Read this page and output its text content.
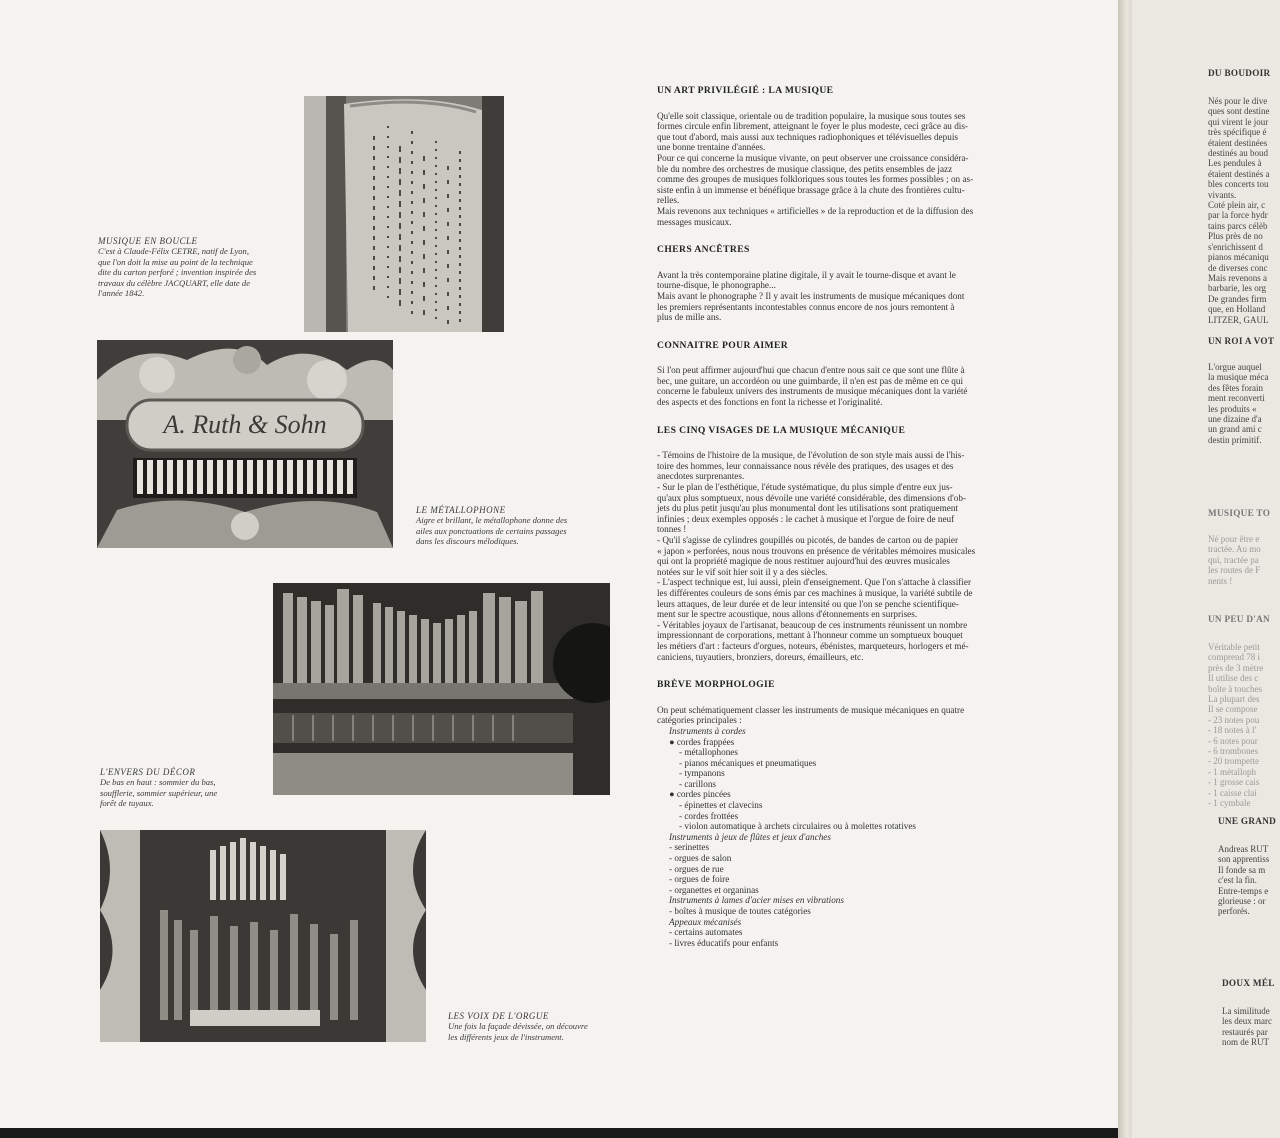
MUSIQUE EN BOUCLE
C'est à Claude-Félix CETRE, natif de Lyon,
que l'on doit la mise au point de la technique
dite du carton perforé ; invention inspirée des
travaux du célèbre JACQUART, elle date de
l'année 1842.
A. Ruth & Sohn
LE MÉTALLOPHONE
Aigre et brillant, le métallophone donne des
ailes aux ponctuations de certains passages
dans les discours mélodiques.
L'ENVERS DU DÉCOR
De bas en haut : sommier du bas,
soufflerie, sommier supérieur, une
forêt de tuyaux.
LES VOIX DE L'ORGUE
Une fois la façade dévissée, on découvre
les différents jeux de l'instrument.
UN ART PRIVILÉGIÉ : LA MUSIQUE

Qu'elle soit classique, orientale ou de tradition populaire, la musique sous toutes ses

formes circule enfin librement, atteignant le foyer le plus modeste, ceci grâce au dis-

que tout d'abord, mais aussi aux techniques radiophoniques et télévisuelles depuis

une bonne trentaine d'années.

Pour ce qui concerne la musique vivante, on peut observer une croissance considéra-

ble du nombre des orchestres de musique classique, des petits ensembles de jazz

comme des groupes de musiques folkloriques sous toutes les formes possibles ; on as-

siste enfin à un immense et bénéfique brassage grâce à la chute des frontières cultu-

relles.

Mais revenons aux techniques « artificielles » de la reproduction et de la diffusion des

messages musicaux.

CHERS ANCÊTRES

Avant la très contemporaine platine digitale, il y avait le tourne-disque et avant le

tourne-disque, le phonographe...

Mais avant le phonographe ? Il y avait les instruments de musique mécaniques dont

les premiers représentants incontestables connus encore de nos jours remontent à

plus de mille ans.

CONNAITRE POUR AIMER

Si l'on peut affirmer aujourd'hui que chacun d'entre nous sait ce que sont une flûte à

bec, une guitare, un accordéon ou une guimbarde, il n'en est pas de même en ce qui

concerne le fabuleux univers des instruments de musique mécaniques dont la variété

des aspects et des fonctions en font la richesse et l'originalité.

LES CINQ VISAGES DE LA MUSIQUE MÉCANIQUE

- Témoins de l'histoire de la musique, de l'évolution de son style mais aussi de l'his-

toire des hommes, leur connaissance nous révèle des pratiques, des usages et des

anecdotes surprenantes.

- Sur le plan de l'esthétique, l'étude systématique, du plus simple d'entre eux jus-

qu'aux plus somptueux, nous dévoile une variété considérable, des dimensions d'ob-

jets du plus petit jusqu'au plus monumental dont les utilisations sont pratiquement

infinies ; deux exemples opposés : le cachet à musique et l'orgue de foire de neuf

tonnes !

- Qu'il s'agisse de cylindres goupillés ou picotés, de bandes de carton ou de papier

« japon » perforées, nous nous trouvons en présence de véritables mémoires musicales

qui ont la propriété magique de nous restituer aujourd'hui des œuvres musicales

notées sur le vif soit hier soit il y a des siècles.

- L'aspect technique est, lui aussi, plein d'enseignement. Que l'on s'attache à classifier

les différentes couleurs de sons émis par ces machines à musique, la variété subtile de

leurs attaques, de leur durée et de leur intensité ou que l'on se penche scientifique-

ment sur le spectre acoustique, nous allons d'étonnements en surprises.

- Véritables joyaux de l'artisanat, beaucoup de ces instruments réunissent un nombre

impressionnant de corporations, mettant à l'honneur comme un somptueux bouquet

les métiers d'art : facteurs d'orgues, noteurs, ébénistes, marqueteurs, horlogers et mé-

caniciens, tuyautiers, bronziers, doreurs, émailleurs, etc.

BRÈVE MORPHOLOGIE

On peut schématiquement classer les instruments de musique mécaniques en quatre

catégories principales :

Instruments à cordes

● cordes frappées

- métallophones

- pianos mécaniques et pneumatiques

- tympanons

- carillons

● cordes pincées

- épinettes et clavecins

- cordes frottées

- violon automatique à archets circulaires ou à molettes rotatives

Instruments à jeux de flûtes et jeux d'anches

- serinettes

- orgues de salon

- orgues de rue

- orgues de foire

- organettes et organinas

Instruments à lames d'acier mises en vibrations

- boîtes à musique de toutes catégories

Appeaux mécanisés

- certains automates

- livres éducatifs pour enfants

DU BOUDOIR
Nés pour le dive
ques sont destine
qui virent le jour
très spécifique é
étaient destinées
destinés au boud
Les pendules à
étaient destinés a
bles concerts tou
vivants.
Coté plein air, c
par la force hydr
tains parcs célèb
Plus près de no
s'enrichissent d
pianos mécaniqu
de diverses conc
Mais revenons a
barbarie, les org
De grandes firm
que, en Holland
LITZER, GAUL
UN ROI A VOT
L'orgue auquel
la musique méca
des fêtes forain
ment reconverti
les produits «
une dizaine d'a
un grand ami c
destin primitif.
MUSIQUE TO
Né pour être e
tractée. Au mo
qui, tractée pa
les routes de F
nents !
UN PEU D'AN
Véritable petit
comprend 78 i
près de 3 mètre
Il utilise des c
boîte à touches
La plupart des
Il se compose
- 23 notes pou
- 18 notes à l'
- 6 notes pour
- 6 trombones
- 20 trompette
- 1 métalloph
- 1 grosse cais
- 1 caisse clai
- 1 cymbale
UNE GRAND
Andreas RUT
son apprentiss
Il fonde sa m
c'est la fin.
Entre-temps e
glorieuse : or
perforés.
DOUX MÉL
La similitude
les deux marc
restaurés par
nom de RUT
